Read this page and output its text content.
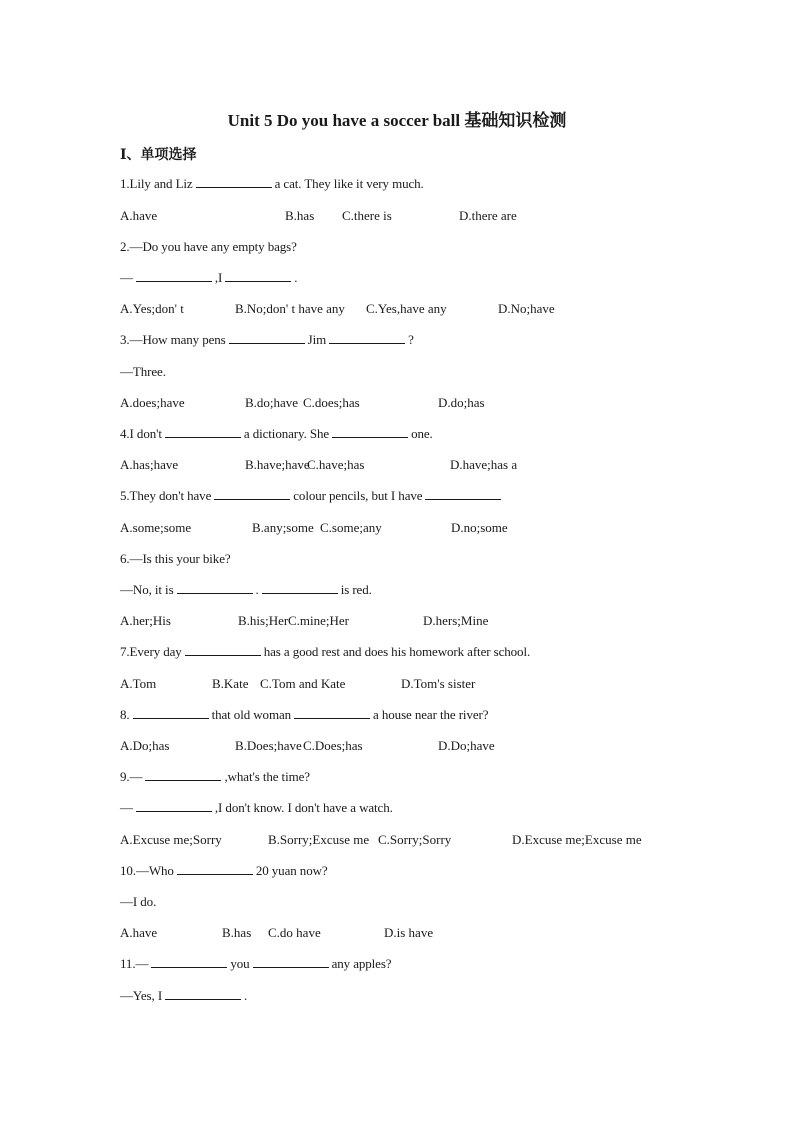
Unit 5 Do you have a soccer ball 基础知识检测
Ⅰ、单项选择
1.Lily and Liz	a cat. They like it very much.
A.have	B.has C.there is	D.there are
2.—Do you have any empty bags?
—	,I	.
A.Yes;don' t	B.No;don' t have any C.Yes,have any	D.No;have
3.—How many pens	Jim	?
—Three.
A.does;have	B.do;have C.does;has	D.do;has
4.I don't	a dictionary. She	one.
A.has;have	B.have;have
C.have;has	D.have;has a
5.They don't have	colour pencils, but I have
A.some;some	B.any;some C.some;any	D.no;some
6.—Is this your bike?
—No, it is	.	is red.
A.her;His	B.his;Her C.mine;Her	D.hers;Mine
7.Every day	has a good rest and does his homework after school.
A.Tom	B.Kate C.Tom and Kate	D.Tom's sister
8.	that old woman	a house near the river?
A.Do;has	B.Does;have C.Does;has	D.Do;have
9.—	,what's the time?
—	,I don't know. I don't have a watch.
A.Excuse me;Sorry	B.Sorry;Excuse me C.Sorry;Sorry	D.Excuse me;Excuse me
10.—Who	20 yuan now?
—I do.
A.have	B.has C.do have	D.is have
11.—	you	any apples?
—Yes, I	.
